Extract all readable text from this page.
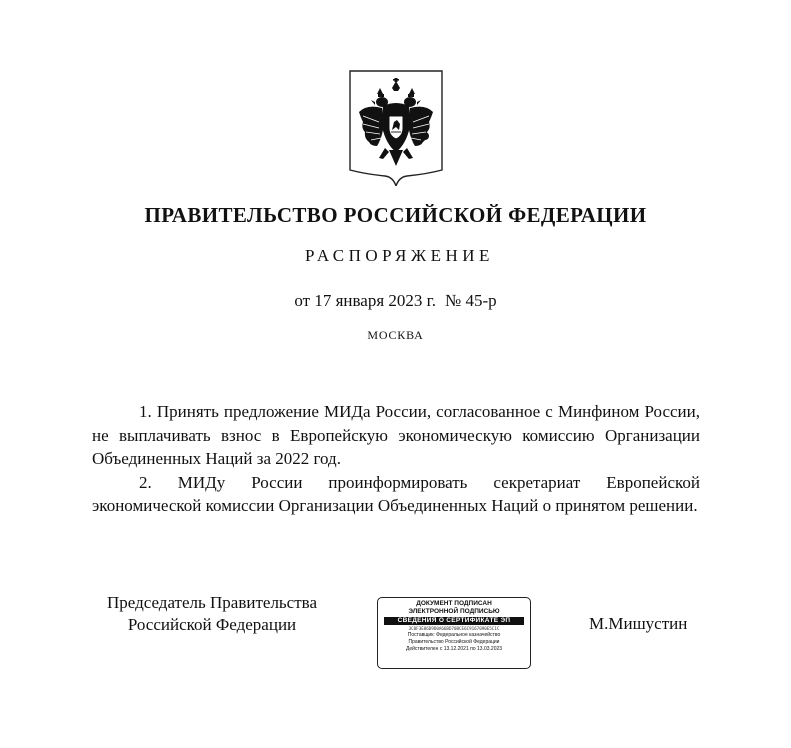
ПРАВИТЕЛЬСТВО РОССИЙСКОЙ ФЕДЕРАЦИИ
РАСПОРЯЖЕНИЕ
от 17 января 2023 г. № 45-р
МОСКВА

1. Принять предложение МИДа России, согласованное с Минфином России, не выплачивать взнос в Европейскую экономическую комиссию Организации Объединенных Наций за 2022 год.

2. МИДу России проинформировать секретариат Европейской экономической комиссии Организации Объединенных Наций о принятом решении.

Председатель Правительства
Российской Федерации
ДОКУМЕНТ ПОДПИСАН
ЭЛЕКТРОННОЙ ПОДПИСЬЮ
СВЕДЕНИЯ О СЕРТИФИКАТЕ ЭП
3C0F3E86D9D0A66BD70BCE6C9167090E5C1C
Поставщик: Федеральное казначейство
Правительство Российской Федерации
Действителен с 13.12.2021 по 13.03.2023
М.Мишустин
